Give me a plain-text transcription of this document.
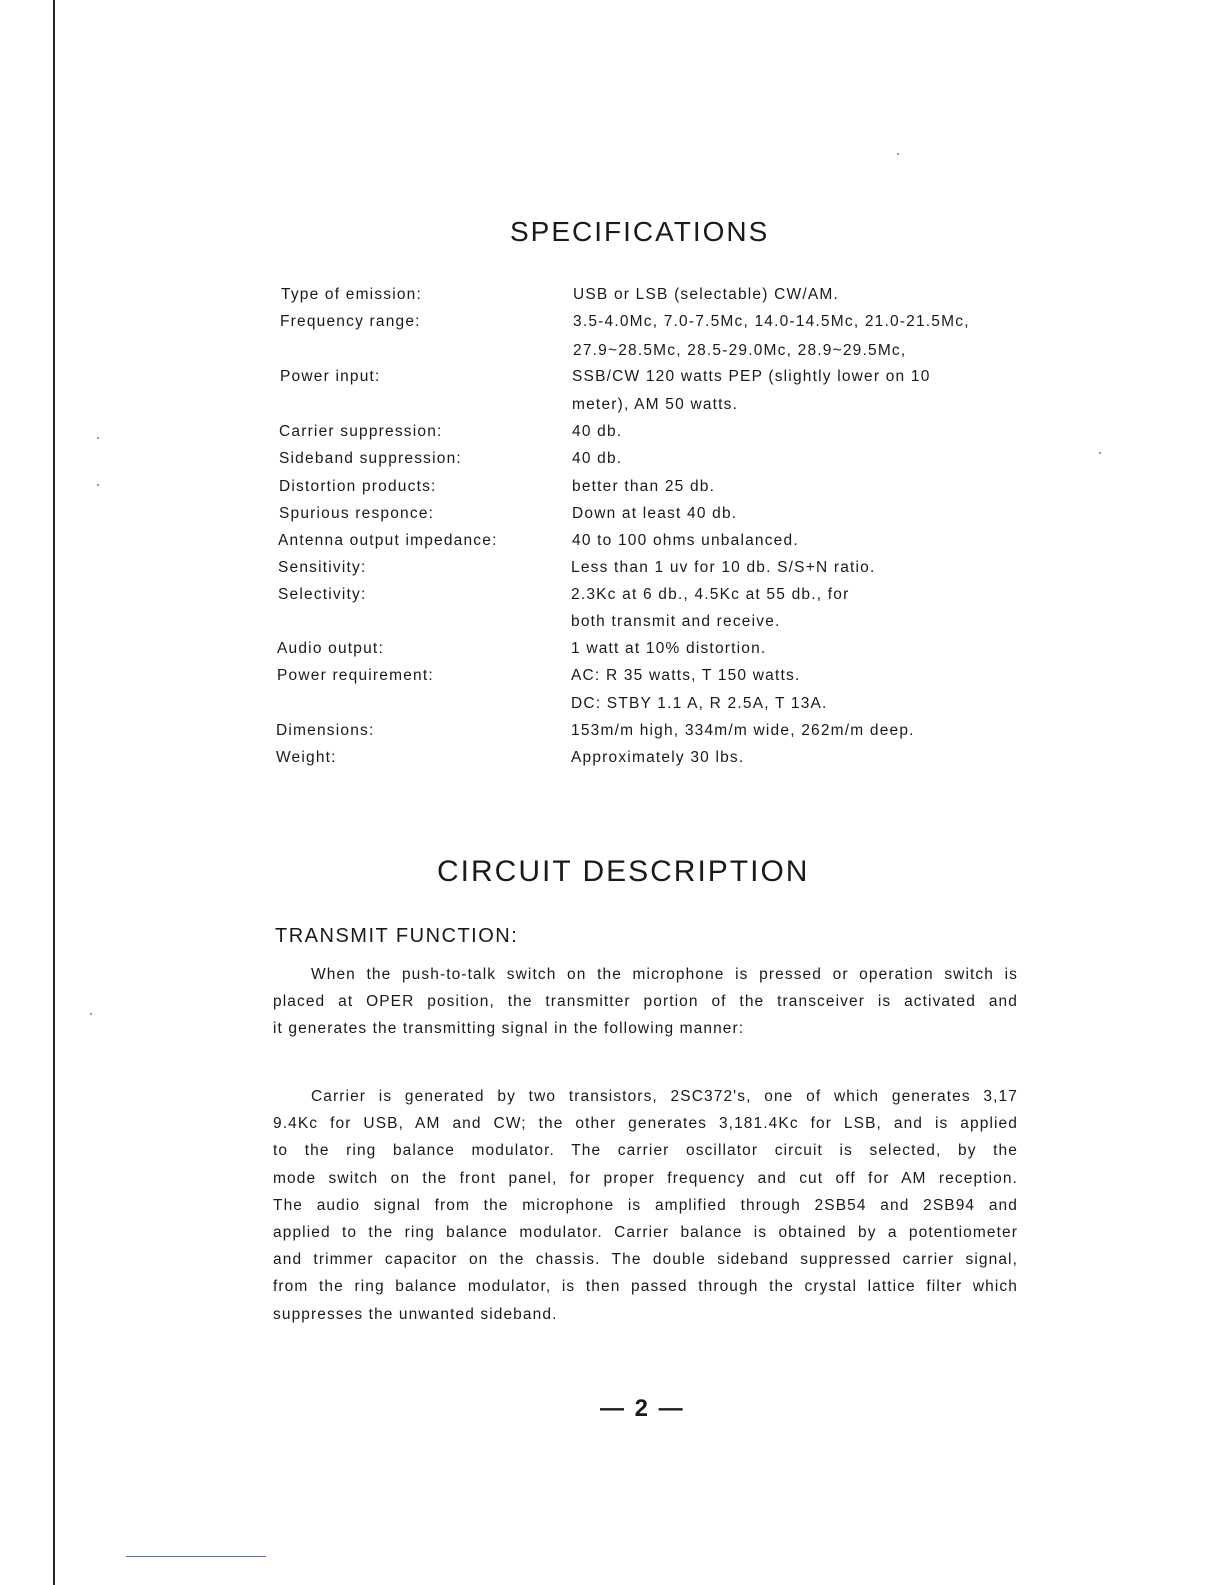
SPECIFICATIONS
Type of emission:	USB or LSB (selectable) CW/AM.
Frequency range:	3.5-4.0Mc, 7.0-7.5Mc, 14.0-14.5Mc, 21.0-21.5Mc,
27.9~28.5Mc, 28.5-29.0Mc, 28.9~29.5Mc,
Power input:	SSB/CW 120 watts PEP (slightly lower on 10
meter), AM 50 watts.
Carrier suppression:	40 db.
Sideband suppression:	40 db.
Distortion products:	better than 25 db.
Spurious responce:	Down at least 40 db.
Antenna output impedance:	40 to 100 ohms unbalanced.
Sensitivity:	Less than 1 uv for 10 db. S/S+N ratio.
Selectivity:	2.3Kc at 6 db., 4.5Kc at 55 db., for
both transmit and receive.
Audio output:	1 watt at 10% distortion.
Power requirement:	AC: R 35 watts, T 150 watts.
DC: STBY 1.1 A, R 2.5A, T 13A.
Dimensions:	153m/m high, 334m/m wide, 262m/m deep.
Weight:	Approximately 30 lbs.
CIRCUIT DESCRIPTION
TRANSMIT FUNCTION:

When the push-to-talk switch on the microphone is pressed or operation switch is
placed at OPER position, the transmitter portion of the transceiver is activated and
it generates the transmitting signal in the following manner:

Carrier is generated by two transistors, 2SC372's, one of which generates 3,17
9.4Kc for USB, AM and CW; the other generates 3,181.4Kc for LSB, and is applied
to the ring balance modulator. The carrier oscillator circuit is selected, by the
mode switch on the front panel, for proper frequency and cut off for AM reception.
The audio signal from the microphone is amplified through 2SB54 and 2SB94 and
applied to the ring balance modulator. Carrier balance is obtained by a potentiometer
and trimmer capacitor on the chassis. The double sideband suppressed carrier signal,
from the ring balance modulator, is then passed through the crystal lattice filter which
suppresses the unwanted sideband.

— 2 —
